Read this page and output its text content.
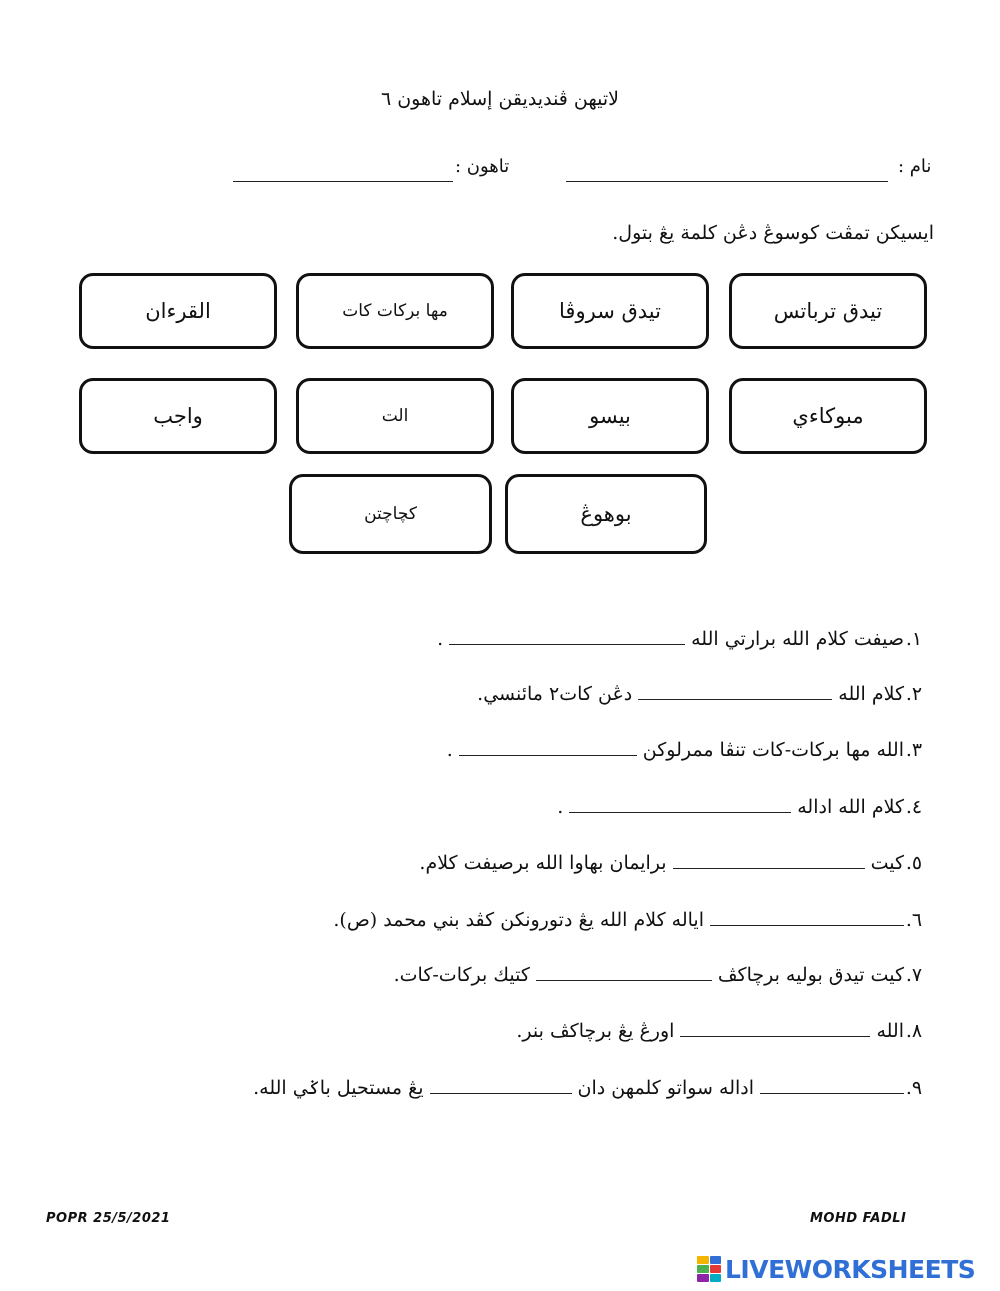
لاتيهن ڤنديديقن إسلام تاهون ٦
نام :
تاهون :
ايسيكن تمڤت كوسوڠ دڠن كلمة يڠ بتول.
تيدق ترباتس
تيدق سروڤا
مها بركات كات
القرءان
مبوكاءي
بيسو
الت
واجب
بوهوڠ
كچاچتن
١.
صيفت كلام الله برارتي الله.
٢.
كلام اللهدڠن كات٢ مائنسي.
٣.
الله مها بركات-كات تنڤا ممرلوكن.
٤.
كلام الله اداله.
٥.
كيتبرايمان بهاوا الله برصيفت كلام.
٦.
اياله كلام الله يڠ دتورونكن كڤد بني محمد (ص).
٧.
كيت تيدق بوليه برچاكڤكتيك بركات-كات.
٨.
اللهاورڠ يڠ برچاكڤ بنر.
٩.
اداله سواتو كلمهن دانيڠ مستحيل باݢي الله.
POPR 25/5/2021	MOHD FADLI
LIVEWORKSHEETS
